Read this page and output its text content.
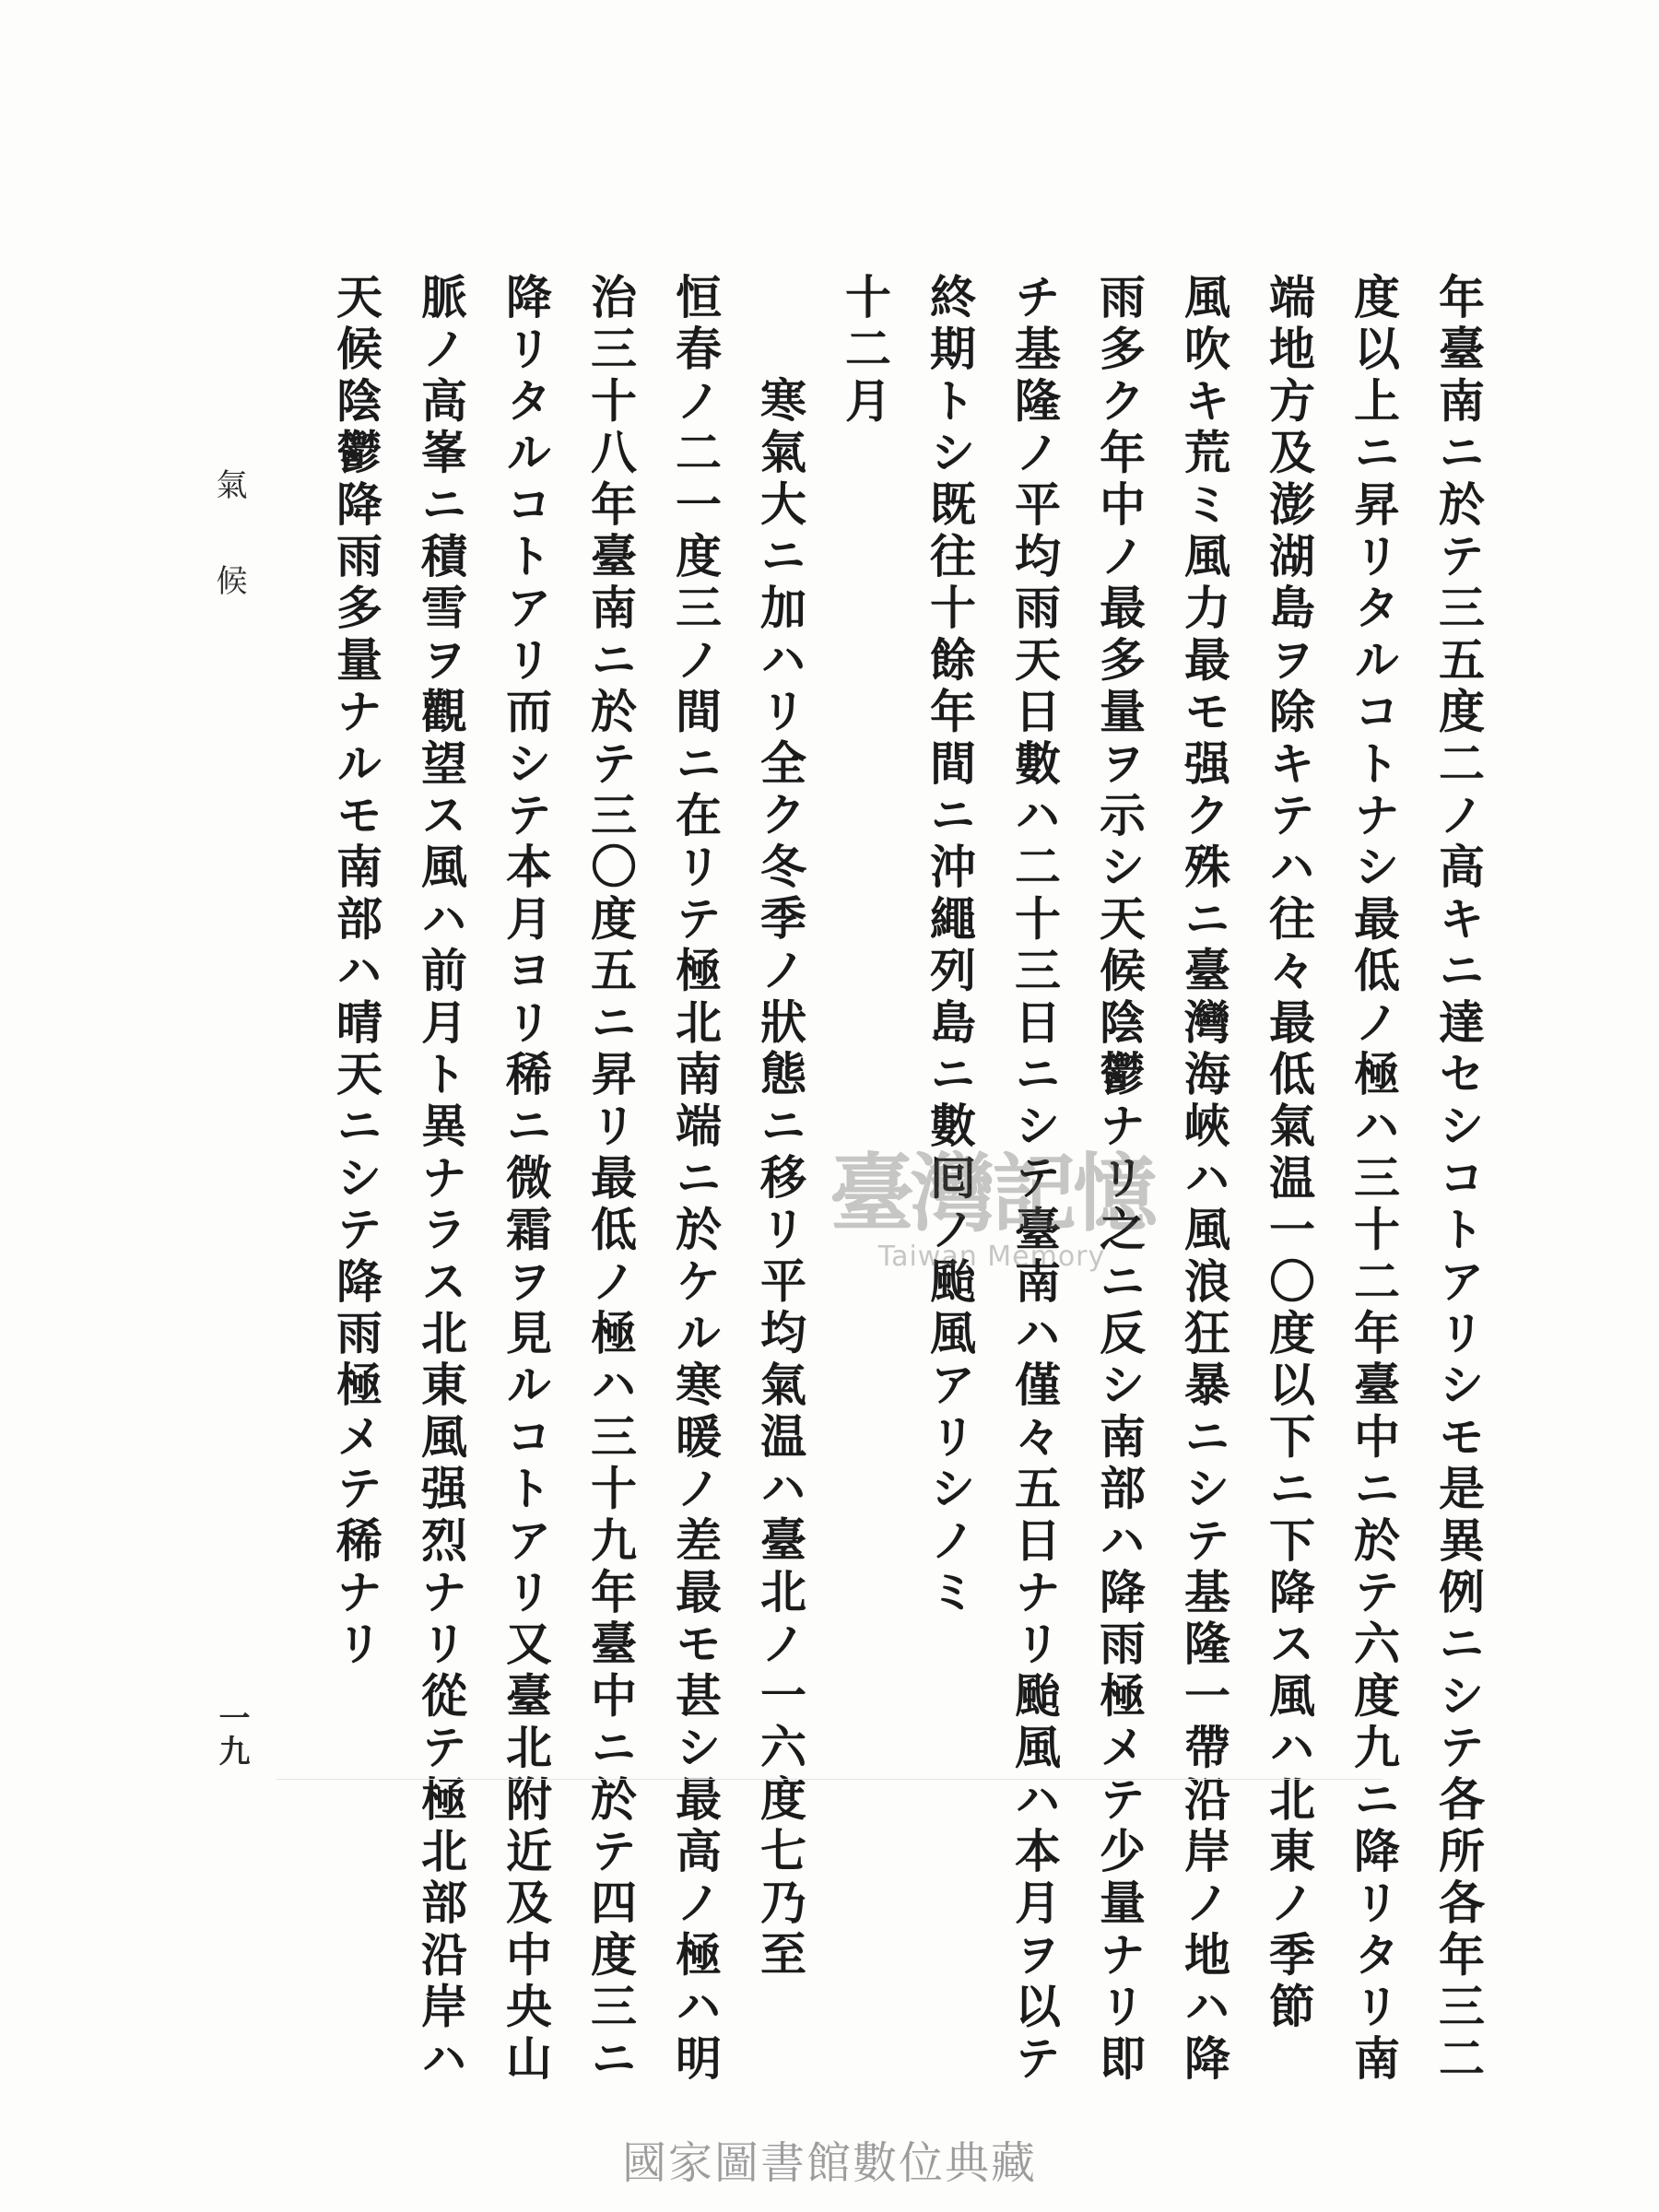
氣候
一九	年臺南ニ於テ三五度二ノ高キニ達セシコトアリシモ是異例ニシテ各所各年三二
度以上ニ昇リタルコトナシ最低ノ極ハ三十二年臺中ニ於テ六度九ニ降リタリ南
端地方及澎湖島ヲ除キテハ往々最低氣温一〇度以下ニ下降ス風ハ北東ノ季節
風吹キ荒ミ風力最モ强ク殊ニ臺灣海峽ハ風浪狂暴ニシテ基隆一帶沿岸ノ地ハ降
雨多ク年中ノ最多量ヲ示シ天候陰鬱ナリ之ニ反シ南部ハ降雨極メテ少量ナリ即
チ基隆ノ平均雨天日數ハ二十三日ニシテ臺南ハ僅々五日ナリ颱風ハ本月ヲ以テ
終期トシ既往十餘年間ニ沖繩列島ニ數囘ノ颱風アリシノミ
十二月
寒氣大ニ加ハリ全ク冬季ノ狀態ニ移リ平均氣温ハ臺北ノ一六度七乃至
恒春ノ二一度三ノ間ニ在リテ極北南端ニ於ケル寒暖ノ差最モ甚シ最高ノ極ハ明
治三十八年臺南ニ於テ三〇度五ニ昇リ最低ノ極ハ三十九年臺中ニ於テ四度三ニ
降リタルコトアリ而シテ本月ヨリ稀ニ微霜ヲ見ルコトアリ又臺北附近及中央山
脈ノ高峯ニ積雪ヲ觀望ス風ハ前月ト異ナラス北東風强烈ナリ從テ極北部沿岸ハ
天候陰鬱降雨多量ナルモ南部ハ晴天ニシテ降雨極メテ稀ナリ	臺灣記憶
Taiwan Memory
國家圖書館數位典藏
